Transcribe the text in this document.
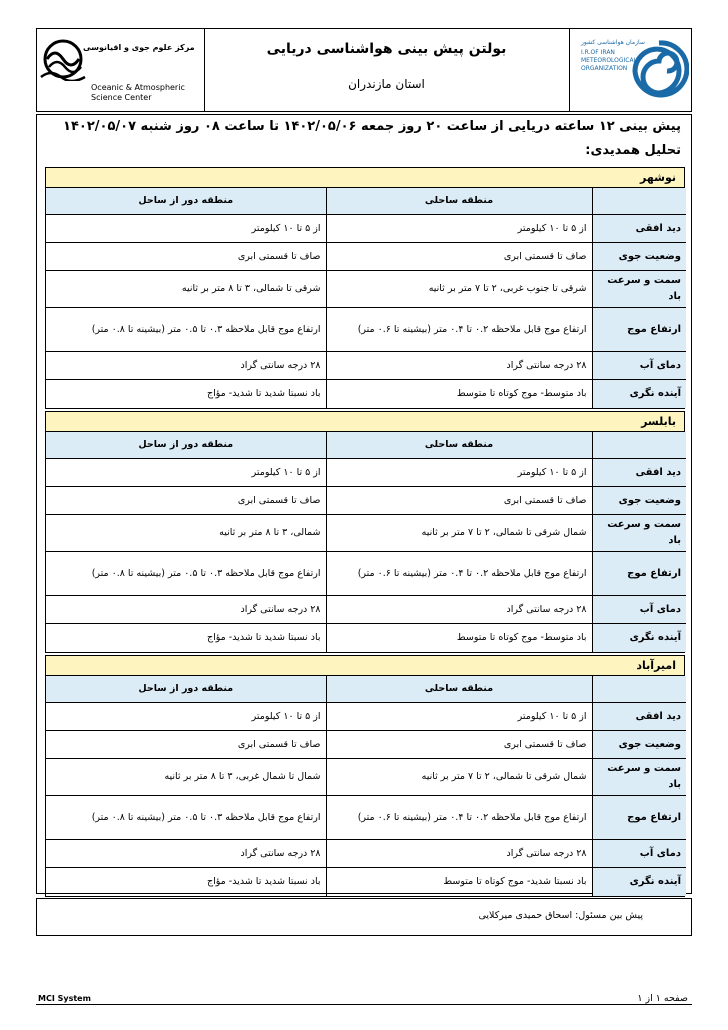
مرکز علوم جوی و اقیانوسی
Oceanic & Atmospheric
Science Center
بولتن پیش بینی هواشناسی دریایی
استان مازندران
سازمان هواشناسی کشور
I.R.OF IRAN
METEOROLOGICAL
ORGANIZATION
پیش بینی ۱۲ ساعته دریایی از ساعت ۲۰ روز جمعه ۱۴۰۲/۰۵/۰۶ تا ساعت ۰۸ روز شنبه ۱۴۰۲/۰۵/۰۷
تحلیل همدیدی:
نوشهر
	منطقه ساحلی	منطقه دور از ساحل
دید افقی	از ۵ تا ۱۰ کیلومتر	از ۵ تا ۱۰ کیلومتر
وضعیت جوی	صاف تا قسمتی ابری	صاف تا قسمتی ابری
سمت و سرعت باد	شرقی تا جنوب غربی، ۲ تا ۷ متر بر ثانیه	شرقی تا شمالی، ۳ تا ۸ متر بر ثانیه
ارتفاع موج	ارتفاع موج قابل ملاحظه ۰.۲ تا ۰.۴ متر (بیشینه تا ۰.۶ متر)	ارتفاع موج قابل ملاحظه ۰.۳ تا ۰.۵ متر (بیشینه تا ۰.۸ متر)
دمای آب	۲۸ درجه سانتی گراد	۲۸ درجه سانتی گراد
آینده نگری	باد متوسط- موج کوتاه تا متوسط	باد نسبتا شدید تا شدید- مؤاج
بابلسر
	منطقه ساحلی	منطقه دور از ساحل
دید افقی	از ۵ تا ۱۰ کیلومتر	از ۵ تا ۱۰ کیلومتر
وضعیت جوی	صاف تا قسمتی ابری	صاف تا قسمتی ابری
سمت و سرعت باد	شمال شرقی تا شمالی، ۲ تا ۷ متر بر ثانیه	شمالی، ۳ تا ۸ متر بر ثانیه
ارتفاع موج	ارتفاع موج قابل ملاحظه ۰.۲ تا ۰.۴ متر (بیشینه تا ۰.۶ متر)	ارتفاع موج قابل ملاحظه ۰.۳ تا ۰.۵ متر (بیشینه تا ۰.۸ متر)
دمای آب	۲۸ درجه سانتی گراد	۲۸ درجه سانتی گراد
آینده نگری	باد متوسط- موج کوتاه تا متوسط	باد نسبتا شدید تا شدید- مؤاج
امیرآباد
	منطقه ساحلی	منطقه دور از ساحل
دید افقی	از ۵ تا ۱۰ کیلومتر	از ۵ تا ۱۰ کیلومتر
وضعیت جوی	صاف تا قسمتی ابری	صاف تا قسمتی ابری
سمت و سرعت باد	شمال شرقی تا شمالی، ۲ تا ۷ متر بر ثانیه	شمال تا شمال غربی، ۳ تا ۸ متر بر ثانیه
ارتفاع موج	ارتفاع موج قابل ملاحظه ۰.۲ تا ۰.۴ متر (بیشینه تا ۰.۶ متر)	ارتفاع موج قابل ملاحظه ۰.۳ تا ۰.۵ متر (بیشینه تا ۰.۸ متر)
دمای آب	۲۸ درجه سانتی گراد	۲۸ درجه سانتی گراد
آینده نگری	باد نسبتا شدید- موج کوتاه تا متوسط	باد نسبتا شدید تا شدید- مؤاج
پیش بین مسئول: اسحاق حمیدی میرکلایی
MCI System	صفحه ۱ از ۱
